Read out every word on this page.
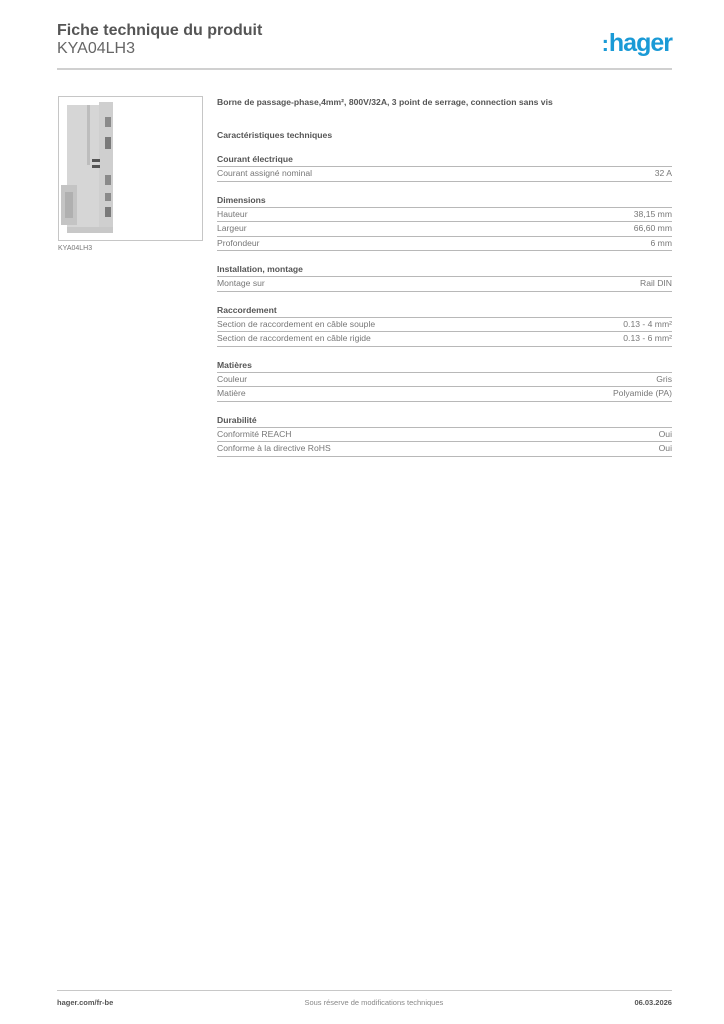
Fiche technique du produit
KYA04LH3	:hager
KYA04LH3
Borne de passage-phase,4mm², 800V/32A, 3 point de serrage, connection sans vis
Caractéristiques techniques
Courant électrique
Courant assigné nominal	32 A
Dimensions
Hauteur	38,15 mm
Largeur	66,60 mm
Profondeur	6 mm
Installation, montage
Montage sur	Rail DIN
Raccordement
Section de raccordement en câble souple	0.13 - 4 mm²
Section de raccordement en câble rigide	0.13 - 6 mm²
Matières
Couleur	Gris
Matière	Polyamide (PA)
Durabilité
Conformité REACH	Oui
Conforme à la directive RoHS	Oui
hager.com/fr-be	Sous réserve de modifications techniques	06.03.2026
